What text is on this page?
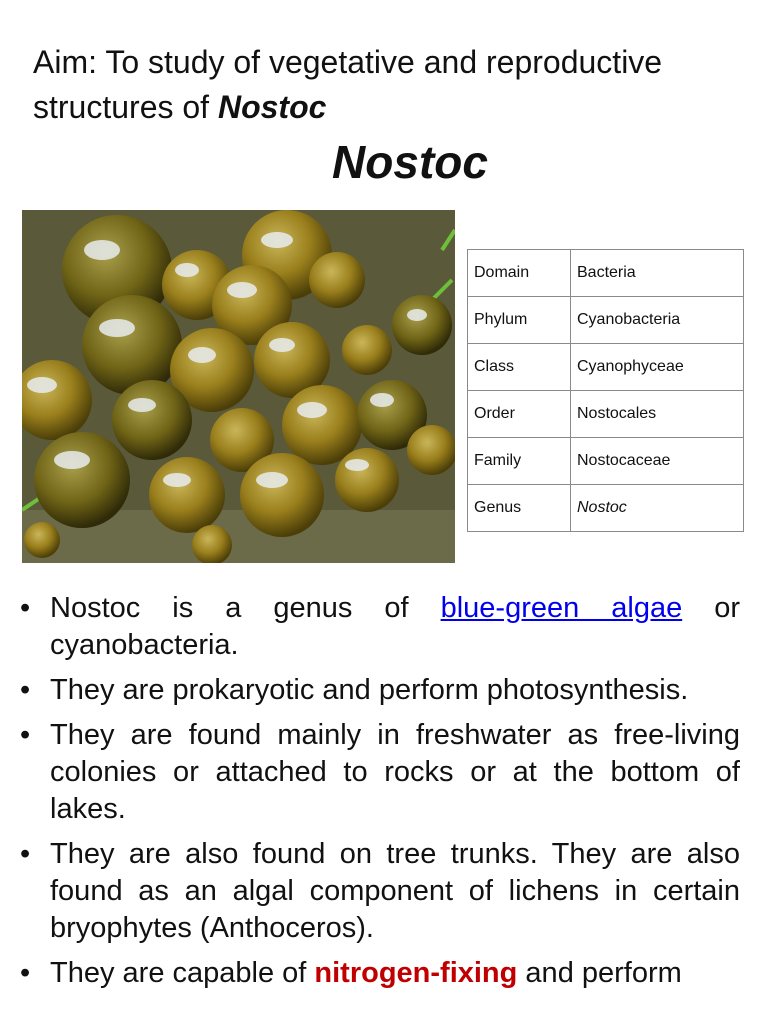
Aim: To study of vegetative and reproductive structures of Nostoc
Nostoc
Domain	Bacteria
Phylum	Cyanobacteria
Class	Cyanophyceae
Order	Nostocales
Family	Nostocaceae
Genus	Nostoc
• Nostoc is a genus of blue-green algae or cyanobacteria.
• They are prokaryotic and perform photosynthesis.
• They are found mainly in freshwater as free-living colonies or attached to rocks or at the bottom of lakes.
• They are also found on tree trunks. They are also found as an algal component of lichens in certain bryophytes (Anthoceros).
• They are capable of nitrogen-fixing and perform
